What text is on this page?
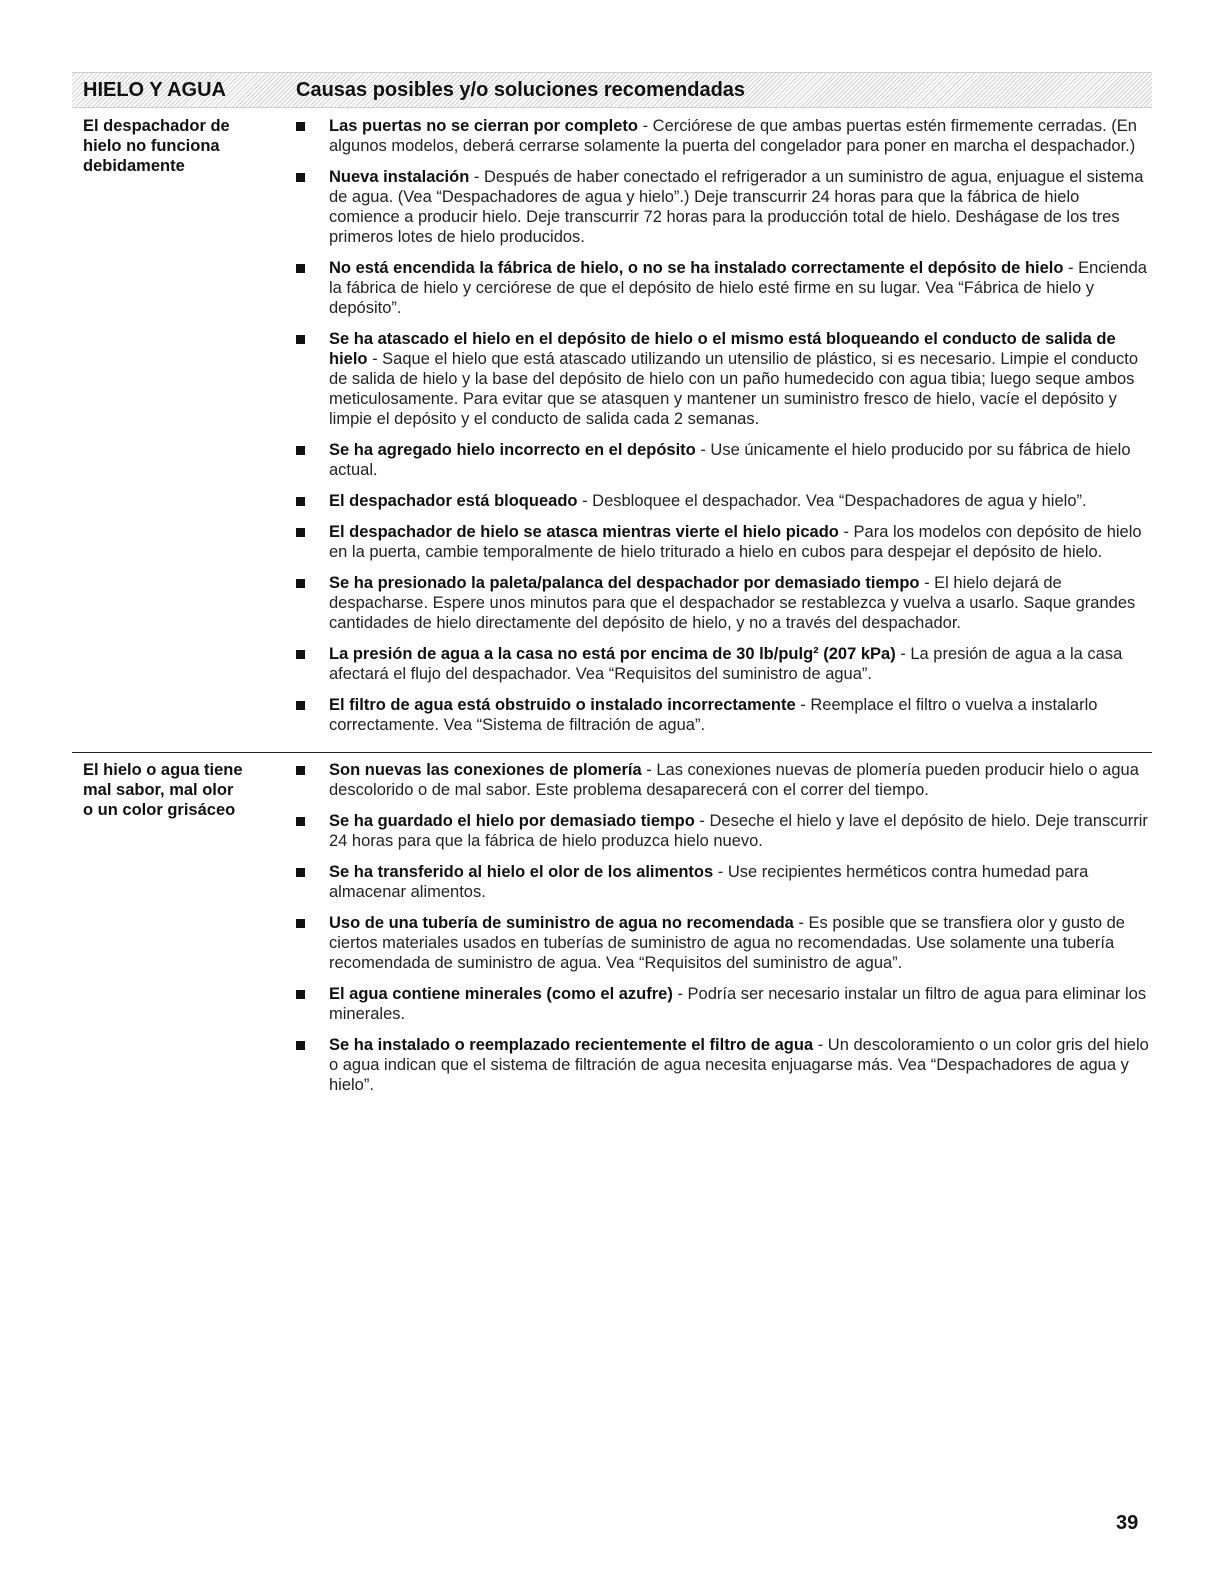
HIELO Y AGUA	Causas posibles y/o soluciones recomendadas
El despachador de
hielo no funciona
debidamente
Las puertas no se cierran por completo - Cerciórese de que ambas puertas estén firmemente cerradas. (En algunos modelos, deberá cerrarse solamente la puerta del congelador para poner en marcha el despachador.)
Nueva instalación - Después de haber conectado el refrigerador a un suministro de agua, enjuague el sistema de agua. (Vea “Despachadores de agua y hielo”.) Deje transcurrir 24 horas para que la fábrica de hielo comience a producir hielo. Deje transcurrir 72 horas para la producción total de hielo. Deshágase de los tres primeros lotes de hielo producidos.
No está encendida la fábrica de hielo, o no se ha instalado correctamente el depósito de hielo - Encienda la fábrica de hielo y cerciórese de que el depósito de hielo esté firme en su lugar. Vea “Fábrica de hielo y depósito”.
Se ha atascado el hielo en el depósito de hielo o el mismo está bloqueando el conducto de salida de hielo - Saque el hielo que está atascado utilizando un utensilio de plástico, si es necesario. Limpie el conducto de salida de hielo y la base del depósito de hielo con un paño humedecido con agua tibia; luego seque ambos meticulosamente. Para evitar que se atasquen y mantener un suministro fresco de hielo, vacíe el depósito y limpie el depósito y el conducto de salida cada 2 semanas.
Se ha agregado hielo incorrecto en el depósito - Use únicamente el hielo producido por su fábrica de hielo actual.
El despachador está bloqueado - Desbloquee el despachador. Vea “Despachadores de agua y hielo”.
El despachador de hielo se atasca mientras vierte el hielo picado - Para los modelos con depósito de hielo en la puerta, cambie temporalmente de hielo triturado a hielo en cubos para despejar el depósito de hielo.
Se ha presionado la paleta/palanca del despachador por demasiado tiempo - El hielo dejará de despacharse. Espere unos minutos para que el despachador se restablezca y vuelva a usarlo. Saque grandes cantidades de hielo directamente del depósito de hielo, y no a través del despachador.
La presión de agua a la casa no está por encima de 30 lb/pulg² (207 kPa) - La presión de agua a la casa afectará el flujo del despachador. Vea “Requisitos del suministro de agua”.
El filtro de agua está obstruido o instalado incorrectamente - Reemplace el filtro o vuelva a instalarlo correctamente. Vea “Sistema de filtración de agua”.
El hielo o agua tiene
mal sabor, mal olor
o un color grisáceo
Son nuevas las conexiones de plomería - Las conexiones nuevas de plomería pueden producir hielo o agua descolorido o de mal sabor. Este problema desaparecerá con el correr del tiempo.
Se ha guardado el hielo por demasiado tiempo - Deseche el hielo y lave el depósito de hielo. Deje transcurrir 24 horas para que la fábrica de hielo produzca hielo nuevo.
Se ha transferido al hielo el olor de los alimentos - Use recipientes herméticos contra humedad para almacenar alimentos.
Uso de una tubería de suministro de agua no recomendada - Es posible que se transfiera olor y gusto de ciertos materiales usados en tuberías de suministro de agua no recomendadas. Use solamente una tubería recomendada de suministro de agua. Vea “Requisitos del suministro de agua”.
El agua contiene minerales (como el azufre) - Podría ser necesario instalar un filtro de agua para eliminar los minerales.
Se ha instalado o reemplazado recientemente el filtro de agua - Un descoloramiento o un color gris del hielo o agua indican que el sistema de filtración de agua necesita enjuagarse más. Vea “Despachadores de agua y hielo”.
39
